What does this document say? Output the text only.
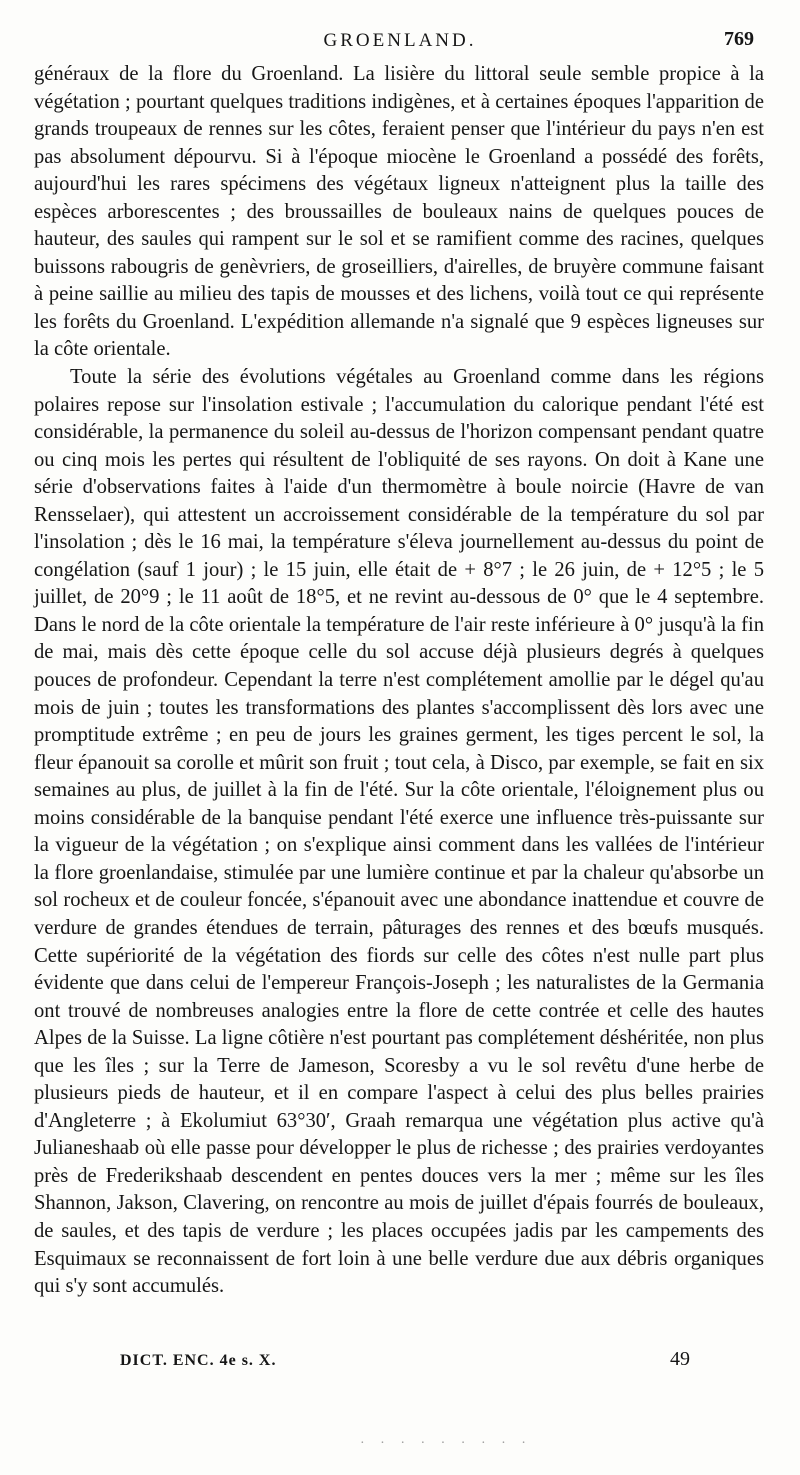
GROENLAND.	769

généraux de la flore du Groenland. La lisière du littoral seule semble propice à la végétation ; pourtant quelques traditions indigènes, et à certaines époques l'apparition de grands troupeaux de rennes sur les côtes, feraient penser que l'intérieur du pays n'en est pas absolument dépourvu. Si à l'époque miocène le Groenland a possédé des forêts, aujourd'hui les rares spécimens des végétaux ligneux n'atteignent plus la taille des espèces arborescentes ; des broussailles de bouleaux nains de quelques pouces de hauteur, des saules qui rampent sur le sol et se ramifient comme des racines, quelques buissons rabougris de genèvriers, de groseilliers, d'airelles, de bruyère commune faisant à peine saillie au milieu des tapis de mousses et des lichens, voilà tout ce qui représente les forêts du Groenland. L'expédition allemande n'a signalé que 9 espèces ligneuses sur la côte orientale.

Toute la série des évolutions végétales au Groenland comme dans les régions polaires repose sur l'insolation estivale ; l'accumulation du calorique pendant l'été est considérable, la permanence du soleil au-dessus de l'horizon compensant pendant quatre ou cinq mois les pertes qui résultent de l'obliquité de ses rayons. On doit à Kane une série d'observations faites à l'aide d'un thermomètre à boule noircie (Havre de van Rensselaer), qui attestent un accroissement considérable de la température du sol par l'insolation ; dès le 16 mai, la température s'éleva journellement au-dessus du point de congélation (sauf 1 jour) ; le 15 juin, elle était de + 8°7 ; le 26 juin, de + 12°5 ; le 5 juillet, de 20°9 ; le 11 août de 18°5, et ne revint au-dessous de 0° que le 4 septembre. Dans le nord de la côte orientale la température de l'air reste inférieure à 0° jusqu'à la fin de mai, mais dès cette époque celle du sol accuse déjà plusieurs degrés à quelques pouces de profondeur. Cependant la terre n'est complétement amollie par le dégel qu'au mois de juin ; toutes les transformations des plantes s'accomplissent dès lors avec une promptitude extrême ; en peu de jours les graines germent, les tiges percent le sol, la fleur épanouit sa corolle et mûrit son fruit ; tout cela, à Disco, par exemple, se fait en six semaines au plus, de juillet à la fin de l'été. Sur la côte orientale, l'éloignement plus ou moins considérable de la banquise pendant l'été exerce une influence très-puissante sur la vigueur de la végétation ; on s'explique ainsi comment dans les vallées de l'intérieur la flore groenlandaise, stimulée par une lumière continue et par la chaleur qu'absorbe un sol rocheux et de couleur foncée, s'épanouit avec une abondance inattendue et couvre de verdure de grandes étendues de terrain, pâturages des rennes et des bœufs musqués. Cette supériorité de la végétation des fiords sur celle des côtes n'est nulle part plus évidente que dans celui de l'empereur François-Joseph ; les naturalistes de la Germania ont trouvé de nombreuses analogies entre la flore de cette contrée et celle des hautes Alpes de la Suisse. La ligne côtière n'est pourtant pas complétement déshéritée, non plus que les îles ; sur la Terre de Jameson, Scoresby a vu le sol revêtu d'une herbe de plusieurs pieds de hauteur, et il en compare l'aspect à celui des plus belles prairies d'Angleterre ; à Ekolumiut 63°30′, Graah remarqua une végétation plus active qu'à Julianeshaab où elle passe pour développer le plus de richesse ; des prairies verdoyantes près de Frederikshaab descendent en pentes douces vers la mer ; même sur les îles Shannon, Jakson, Clavering, on rencontre au mois de juillet d'épais fourrés de bouleaux, de saules, et des tapis de verdure ; les places occupées jadis par les campements des Esquimaux se reconnaissent de fort loin à une belle verdure due aux débris organiques qui s'y sont accumulés.

DICT. ENC. 4e s. X.	49
· · · · · · · · ·
